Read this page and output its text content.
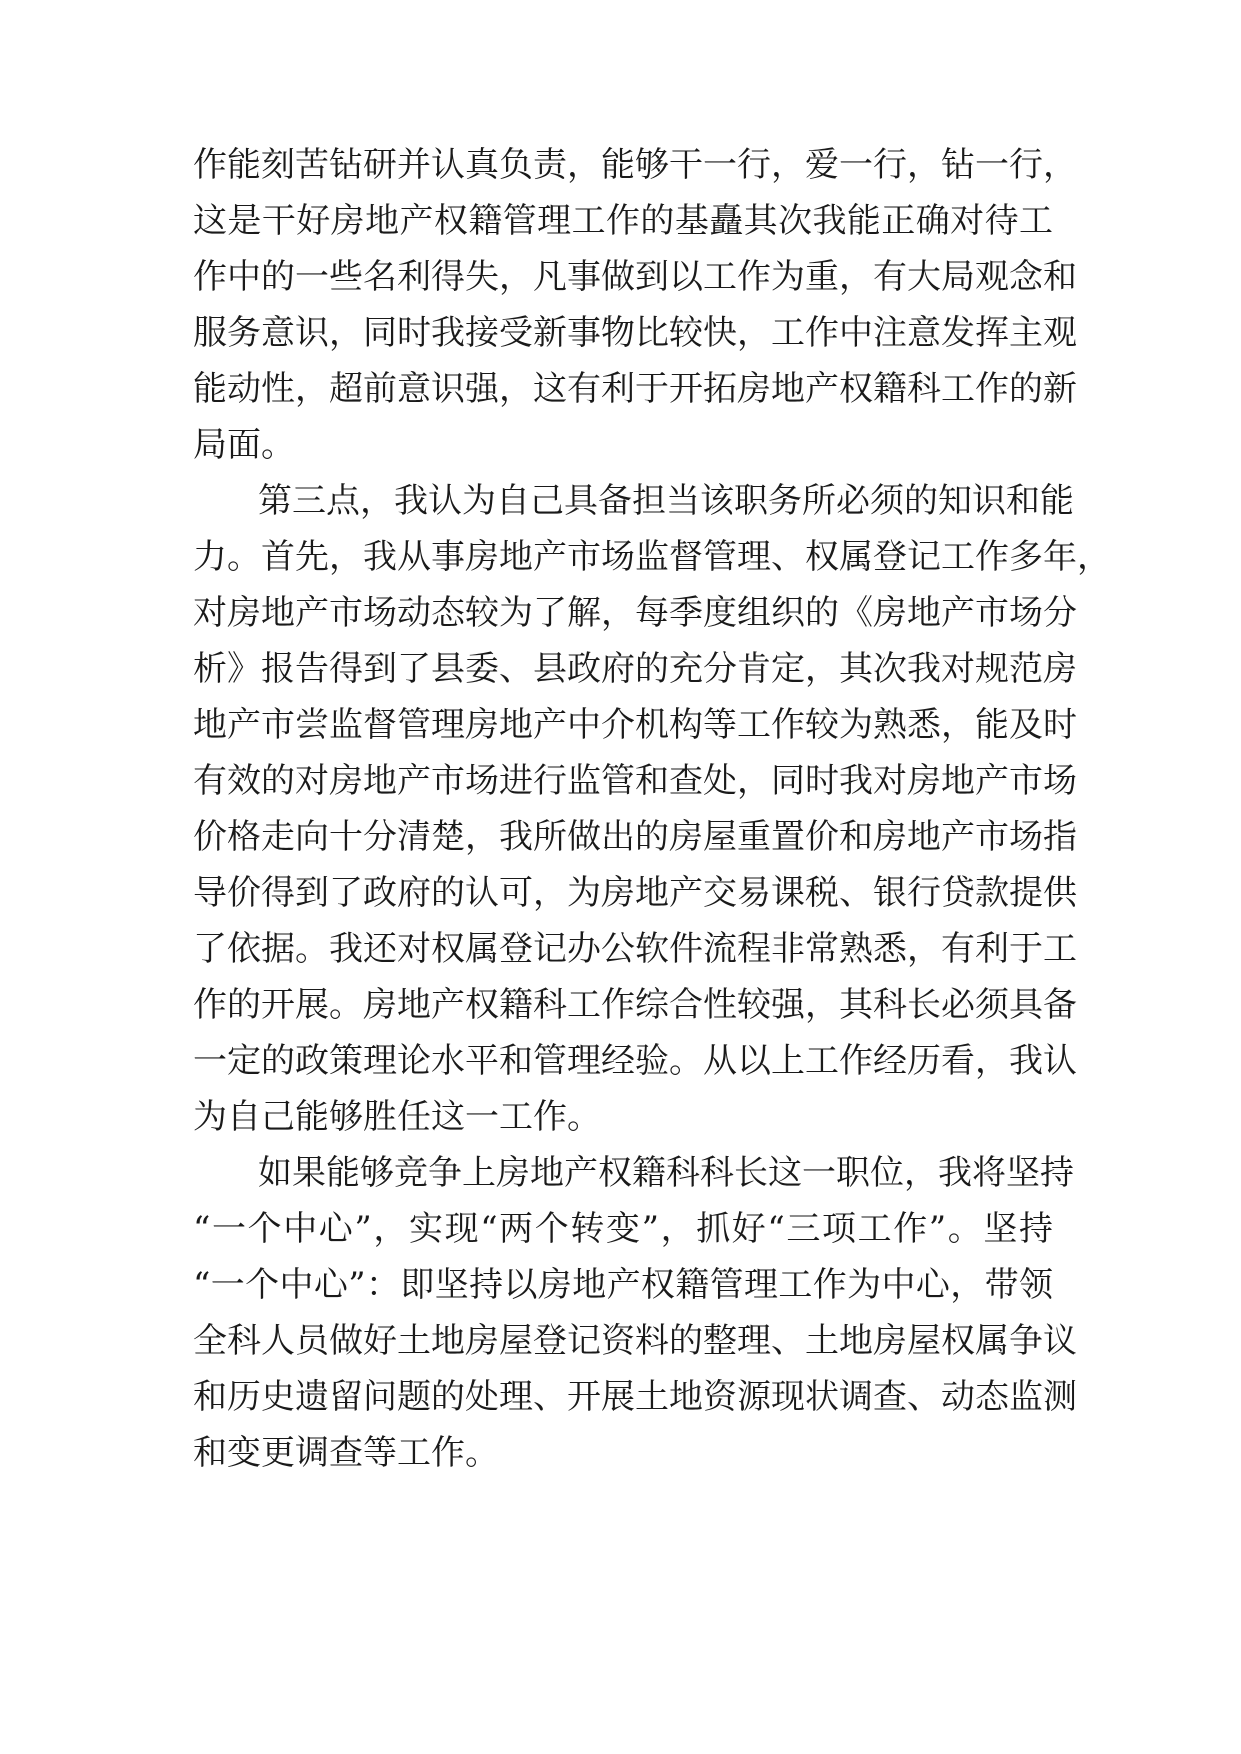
作能刻苦钻研并认真负责，能够干一行，爱一行，钻一行，
这是干好房地产权籍管理工作的基矗其次我能正确对待工
作中的一些名利得失，凡事做到以工作为重，有大局观念和
服务意识，同时我接受新事物比较快，工作中注意发挥主观
能动性，超前意识强，这有利于开拓房地产权籍科工作的新
局面。
第三点，我认为自己具备担当该职务所必须的知识和能
力。首先，我从事房地产市场监督管理、权属登记工作多年，
对房地产市场动态较为了解，每季度组织的《房地产市场分
析》报告得到了县委、县政府的充分肯定，其次我对规范房
地产市尝监督管理房地产中介机构等工作较为熟悉，能及时
有效的对房地产市场进行监管和查处，同时我对房地产市场
价格走向十分清楚，我所做出的房屋重置价和房地产市场指
导价得到了政府的认可，为房地产交易课税、银行贷款提供
了依据。我还对权属登记办公软件流程非常熟悉，有利于工
作的开展。房地产权籍科工作综合性较强，其科长必须具备
一定的政策理论水平和管理经验。从以上工作经历看，我认
为自己能够胜任这一工作。
如果能够竞争上房地产权籍科科长这一职位，我将坚持
“一个中心”，实现“两个转变”，抓好“三项工作”。坚持
“一个中心”：即坚持以房地产权籍管理工作为中心，带领
全科人员做好土地房屋登记资料的整理、土地房屋权属争议
和历史遗留问题的处理、开展土地资源现状调查、动态监测
和变更调查等工作。
